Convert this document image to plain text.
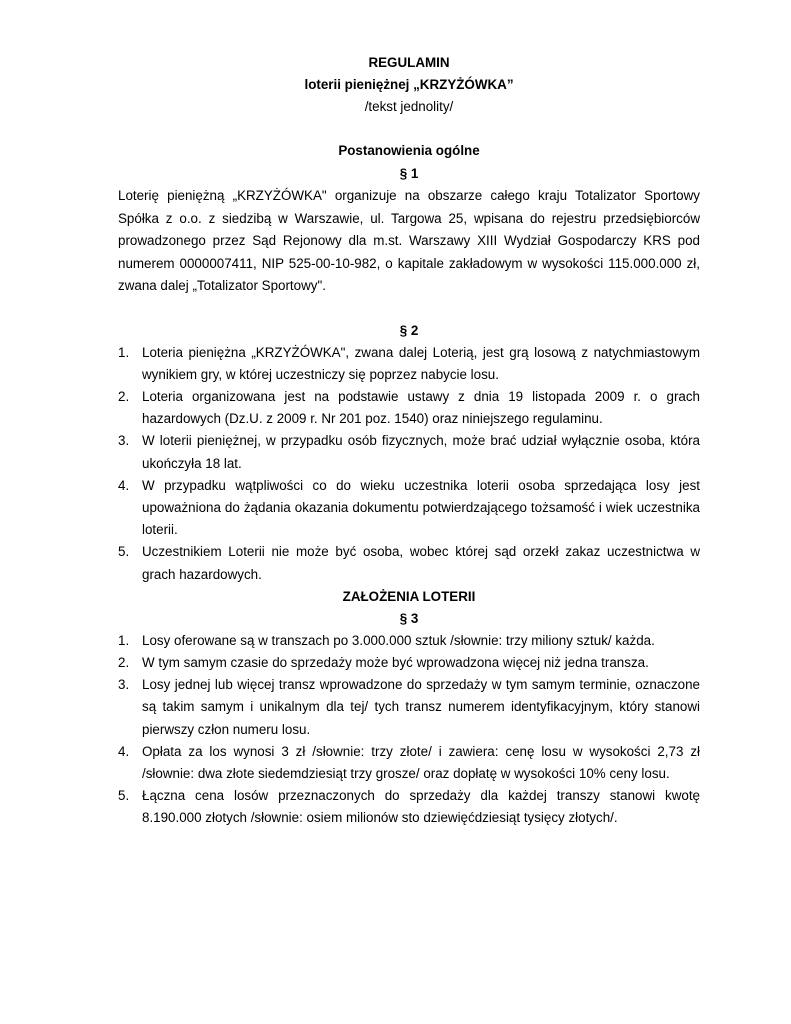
REGULAMIN
loterii pieniężnej „KRZYŻÓWKA”
/tekst jednolity/
Postanowienia ogólne
§ 1
Loterię pieniężną „KRZYŻÓWKA" organizuje na obszarze całego kraju Totalizator Sportowy Spółka z o.o. z siedzibą w Warszawie, ul. Targowa 25, wpisana do rejestru przedsiębiorców prowadzonego przez Sąd Rejonowy dla m.st. Warszawy XIII Wydział Gospodarczy KRS pod numerem 0000007411, NIP 525-00-10-982, o kapitale zakładowym w wysokości 115.000.000 zł, zwana dalej „Totalizator Sportowy".
§ 2
1. Loteria pieniężna „KRZYŻÓWKA", zwana dalej Loterią, jest grą losową z natychmiastowym wynikiem gry, w której uczestniczy się poprzez nabycie losu.
2. Loteria organizowana jest na podstawie ustawy z dnia 19 listopada 2009 r. o grach hazardowych (Dz.U. z 2009 r. Nr 201 poz. 1540) oraz niniejszego regulaminu.
3. W loterii pieniężnej, w przypadku osób fizycznych, może brać udział wyłącznie osoba, która ukończyła 18 lat.
4. W przypadku wątpliwości co do wieku uczestnika loterii osoba sprzedająca losy jest upoważniona do żądania okazania dokumentu potwierdzającego tożsamość i wiek uczestnika loterii.
5. Uczestnikiem Loterii nie może być osoba, wobec której sąd orzekł zakaz uczestnictwa w grach hazardowych.
ZAŁOŻENIA LOTERII
§ 3
1. Losy oferowane są w transzach po 3.000.000 sztuk /słownie: trzy miliony sztuk/ każda.
2. W tym samym czasie do sprzedaży może być wprowadzona więcej niż jedna transza.
3. Losy jednej lub więcej transz wprowadzone do sprzedaży w tym samym terminie, oznaczone są takim samym i unikalnym dla tej/ tych transz numerem identyfikacyjnym, który stanowi pierwszy człon numeru losu.
4. Opłata za los wynosi 3 zł /słownie: trzy złote/ i zawiera: cenę losu w wysokości 2,73 zł /słownie: dwa złote siedemdziesiąt trzy grosze/ oraz dopłatę w wysokości 10% ceny losu.
5. Łączna cena losów przeznaczonych do sprzedaży dla każdej transzy stanowi kwotę 8.190.000 złotych /słownie: osiem milionów sto dziewięćdziesiąt tysięcy złotych/.
